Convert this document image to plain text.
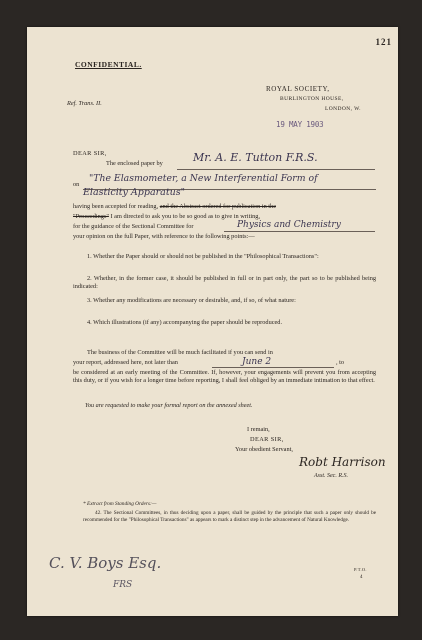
121
CONFIDENTIAL.
ROYAL SOCIETY,
Ref. Trans. II.
BURLINGTON HOUSE,
LONDON, W.
19 MAY 1903
DEAR SIR,
The enclosed paper by	Mr. A. E. Tutton F.R.S.
on
"The Elasmometer, a New Interferential Form of
Elasticity Apparatus"
having been accepted for reading, and the Abstract ordered for publication in the
"Proceedings" I am directed to ask you to be so good as to give in writing,
for the guidance of the Sectional Committee for	Physics and Chemistry
your opinion on the full Paper, with reference to the following points:—
1. Whether the Paper should or should not be published in the "Philosophical Transactions":
2. Whether, in the former case, it should be published in full or in part only, the part so to be published being indicated:
3. Whether any modifications are necessary or desirable, and, if so, of what nature:
4. Which illustrations (if any) accompanying the paper should be reproduced.
The business of the Committee will be much facilitated if you can send in
your report, addressed here, not later than	June 2	, to
be considered at an early meeting of the Committee. If, however, your engagements will prevent you from accepting this duty, or if you wish for a longer time before reporting, I shall feel obliged by an immediate intimation to that effect.
You are requested to make your formal report on the annexed sheet.
I remain,
DEAR SIR,
Your obedient Servant,
Robt Harrison
Asst. Sec. R.S.
* Extract from Standing Orders:—
42. The Sectional Committees, in thus deciding upon a paper, shall be guided by the principle that such a paper only should be recommended for the "Philosophical Transactions" as appears to mark a distinct step in the advancement of Natural Knowledge.
C. V. Boys Esq.
FRS
P.T.O.
4
